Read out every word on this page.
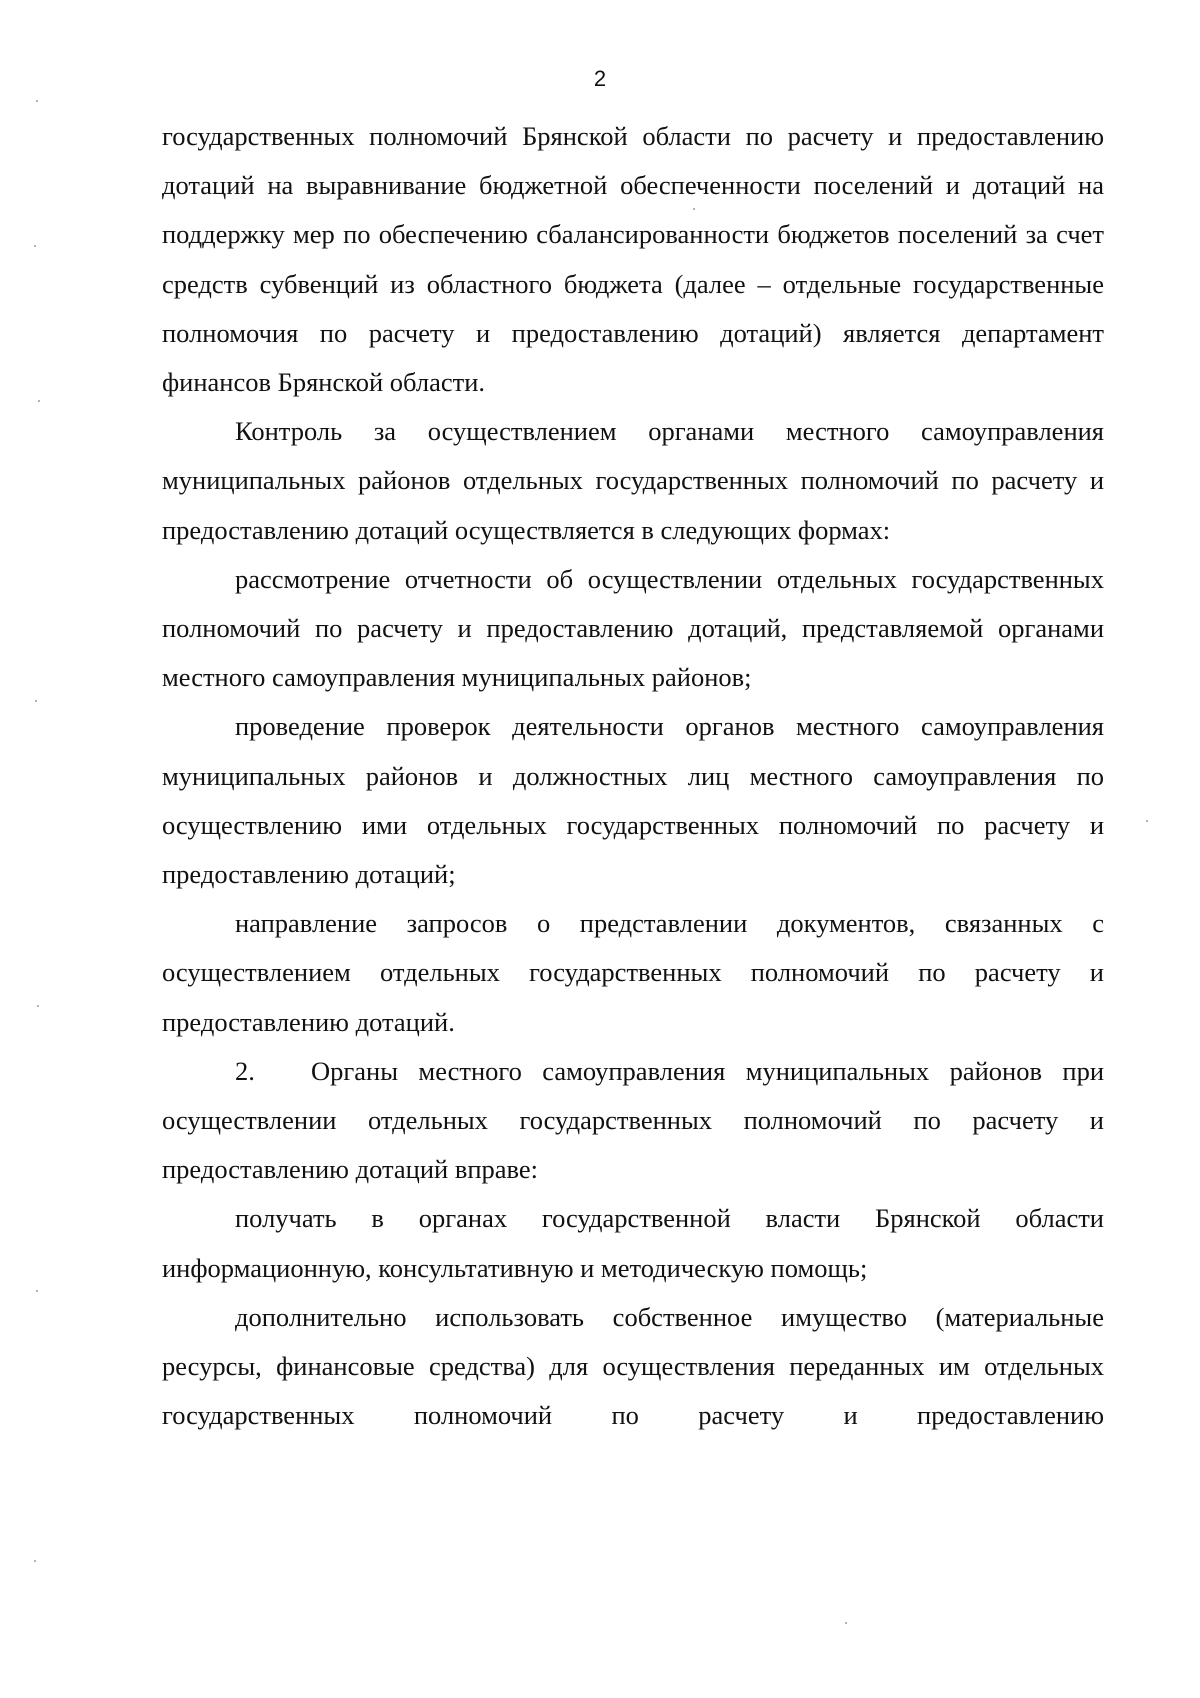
2

государственных полномочий Брянской области по расчету и предоставлению дотаций на выравнивание бюджетной обеспеченности поселений и дотаций на поддержку мер по обеспечению сбалансированности бюджетов поселений за счет средств субвенций из областного бюджета (далее – отдельные государственные полномочия по расчету и предоставлению дотаций) является департамент финансов Брянской области.

Контроль за осуществлением органами местного самоуправления муниципальных районов отдельных государственных полномочий по расчету и предоставлению дотаций осуществляется в следующих формах:

рассмотрение отчетности об осуществлении отдельных государственных полномочий по расчету и предоставлению дотаций, представляемой органами местного самоуправления муниципальных районов;

проведение проверок деятельности органов местного самоуправления муниципальных районов и должностных лиц местного самоуправления по осуществлению ими отдельных государственных полномочий по расчету и предоставлению дотаций;

направление запросов о представлении документов, связанных с осуществлением отдельных государственных полномочий по расчету и предоставлению дотаций.

2. Органы местного самоуправления муниципальных районов при осуществлении отдельных государственных полномочий по расчету и предоставлению дотаций вправе:

получать в органах государственной власти Брянской области информационную, консультативную и методическую помощь;

дополнительно использовать собственное имущество (материальные ресурсы, финансовые средства) для осуществления переданных им отдельных государственных полномочий по расчету и предоставлению
